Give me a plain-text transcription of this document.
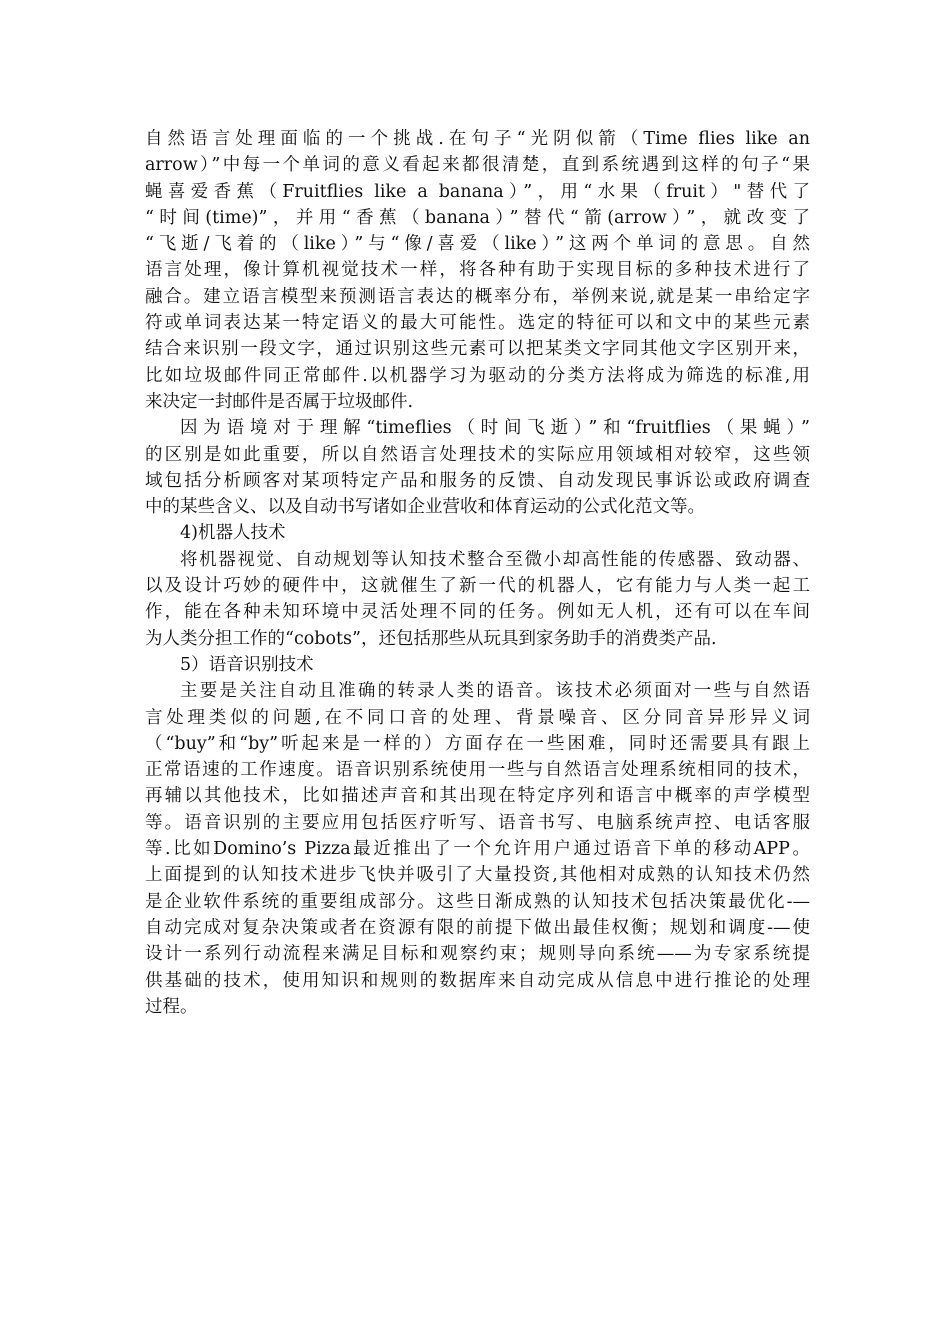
自然语言处理面临的一个挑战.在句子“光阴似箭（Time flies like an
arrow）”中每一个单词的意义看起来都很清楚，直到系统遇到这样的句子“果
蝇喜爱香蕉（Fruitflies like a banana）”，用“水果（fruit）"替代了
“时间(time)”，并用“香蕉（banana）”替代“箭(arrow）”，就改变了
“飞逝/飞着的（like）”与“像/喜爱（like）”这两个单词的意思。自然
语言处理，像计算机视觉技术一样，将各种有助于实现目标的多种技术进行了
融合。建立语言模型来预测语言表达的概率分布，举例来说,就是某一串给定字
符或单词表达某一特定语义的最大可能性。选定的特征可以和文中的某些元素
结合来识别一段文字，通过识别这些元素可以把某类文字同其他文字区别开来，
比如垃圾邮件同正常邮件.以机器学习为驱动的分类方法将成为筛选的标准,用
来决定一封邮件是否属于垃圾邮件.
因为语境对于理解“timeflies（时间飞逝）”和“fruitflies（果蝇）”
的区别是如此重要，所以自然语言处理技术的实际应用领域相对较窄，这些领
域包括分析顾客对某项特定产品和服务的反馈、自动发现民事诉讼或政府调查
中的某些含义、以及自动书写诸如企业营收和体育运动的公式化范文等。
4)机器人技术
将机器视觉、自动规划等认知技术整合至微小却高性能的传感器、致动器、
以及设计巧妙的硬件中，这就催生了新一代的机器人，它有能力与人类一起工
作，能在各种未知环境中灵活处理不同的任务。例如无人机，还有可以在车间
为人类分担工作的“cobots”，还包括那些从玩具到家务助手的消费类产品.
5）语音识别技术
主要是关注自动且准确的转录人类的语音。该技术必须面对一些与自然语
言处理类似的问题,在不同口音的处理、背景噪音、区分同音异形异义词
（“buy”和“by”听起来是一样的）方面存在一些困难，同时还需要具有跟上
正常语速的工作速度。语音识别系统使用一些与自然语言处理系统相同的技术，
再辅以其他技术，比如描述声音和其出现在特定序列和语言中概率的声学模型
等。语音识别的主要应用包括医疗听写、语音书写、电脑系统声控、电话客服
等.比如Domino’s Pizza最近推出了一个允许用户通过语音下单的移动APP。
上面提到的认知技术进步飞快并吸引了大量投资,其他相对成熟的认知技术仍然
是企业软件系统的重要组成部分。这些日渐成熟的认知技术包括决策最优化-—
自动完成对复杂决策或者在资源有限的前提下做出最佳权衡；规划和调度-—使
设计一系列行动流程来满足目标和观察约束；规则导向系统——为专家系统提
供基础的技术，使用知识和规则的数据库来自动完成从信息中进行推论的处理
过程。
